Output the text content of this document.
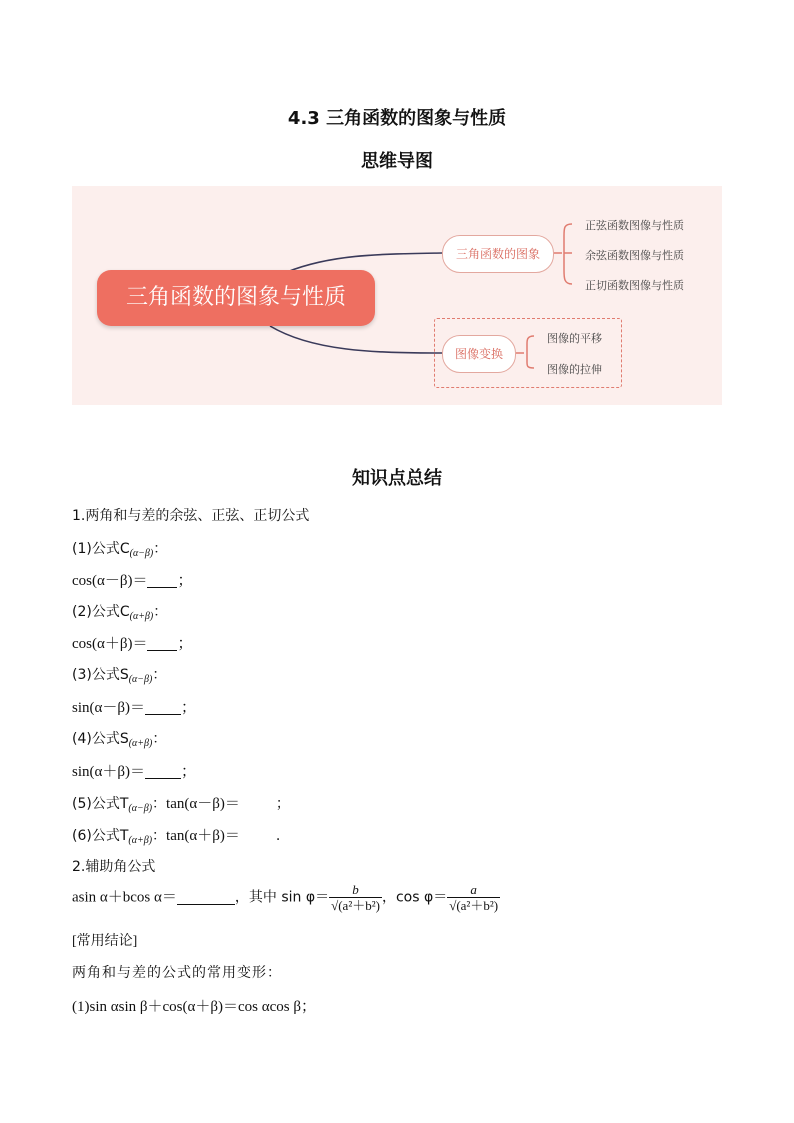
4.3 三角函数的图象与性质
思维导图
三角函数的图象与性质
三角函数的图象
图像变换
正弦函数图像与性质
余弦函数图像与性质
正切函数图像与性质
图像的平移
图像的拉伸
知识点总结
1.两角和与差的余弦、正弦、正切公式
(1)公式$C_{(\alpha-\beta)}$：
cos(α－β)＝ ；
(2)公式$C_{(\alpha+\beta)}$：
cos(α＋β)＝ ；
(3)公式$S_{(\alpha-\beta)}$：
sin(α－β)＝ ；
(4)公式$S_{(\alpha+\beta)}$：
sin(α＋β)＝ ；
(5)公式$T_{(\alpha-\beta)}$：tan(α－β)＝	；
(6)公式$T_{(\alpha+\beta)}$：tan(α＋β)＝	.
2.辅助角公式
asin α＋bcos α＝	，其中 $\sin \varphi= \frac{b}{\text{√(a²＋b²)}}$ ，$\cos \varphi= \frac{a}{\text{√(a²＋b²)}}$
[常用结论]
两角和与差的公式的常用变形：
(1)sin αsin β＋cos(α＋β)＝cos αcos β；
